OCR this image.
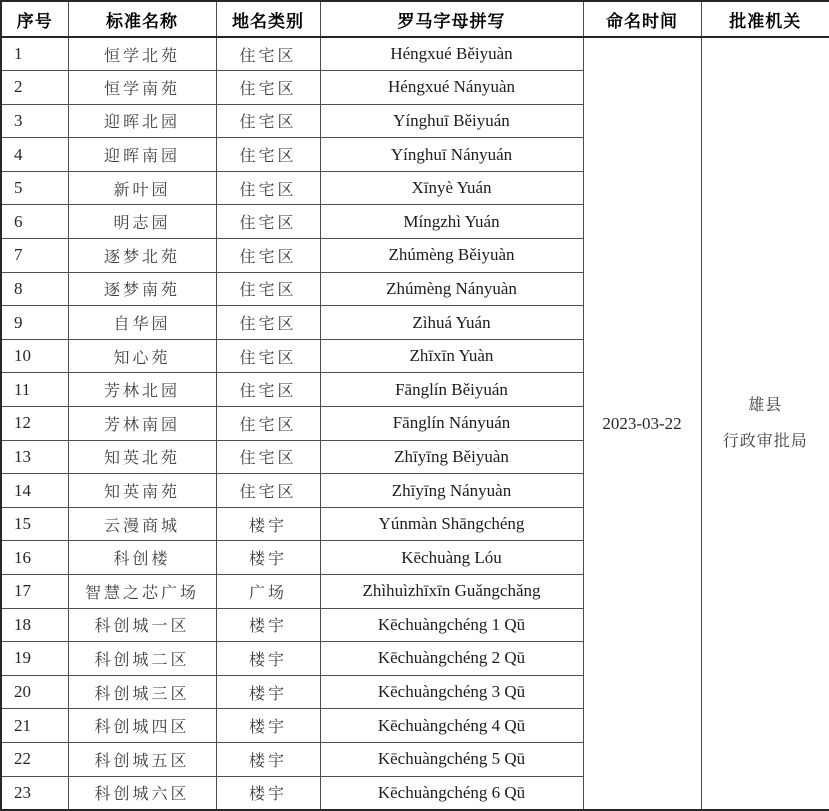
序号	标准名称	地名类别	罗马字母拼写	命名时间	批准机关
1	恒学北苑	住宅区	Héngxué Běiyuàn	2023-03-22	雄县
行政审批局

2	恒学南苑	住宅区	Héngxué Nányuàn		
3	迎晖北园	住宅区	Yínghuī Běiyuán		
4	迎晖南园	住宅区	Yínghuī Nányuán		
5	新叶园	住宅区	Xīnyè Yuán		
6	明志园	住宅区	Míngzhì Yuán		
7	逐梦北苑	住宅区	Zhúmèng Běiyuàn		
8	逐梦南苑	住宅区	Zhúmèng Nányuàn		
9	自华园	住宅区	Zìhuá Yuán		
10	知心苑	住宅区	Zhīxīn Yuàn		
11	芳林北园	住宅区	Fānglín Běiyuán		
12	芳林南园	住宅区	Fānglín Nányuán		
13	知英北苑	住宅区	Zhīyīng Běiyuàn		
14	知英南苑	住宅区	Zhīyīng Nányuàn		
15	云漫商城	楼宇	Yúnmàn Shāngchéng		
16	科创楼	楼宇	Kēchuàng Lóu		
17	智慧之芯广场	广场	Zhìhuìzhīxīn Guǎngchǎng		
18	科创城一区	楼宇	Kēchuàngchéng 1 Qū		
19	科创城二区	楼宇	Kēchuàngchéng 2 Qū		
20	科创城三区	楼宇	Kēchuàngchéng 3 Qū		
21	科创城四区	楼宇	Kēchuàngchéng 4 Qū		
22	科创城五区	楼宇	Kēchuàngchéng 5 Qū		
23	科创城六区	楼宇	Kēchuàngchéng 6 Qū		
